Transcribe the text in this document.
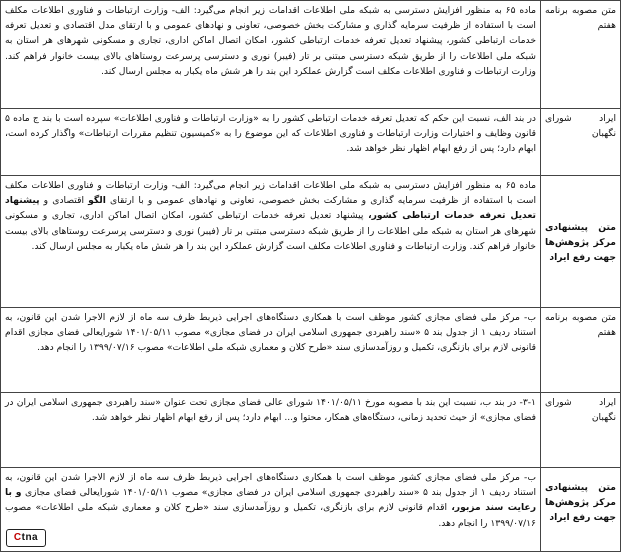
متن مصوبه برنامه هفتم	ماده ۶۵ به منظور افزایش دسترسی به شبکه ملی اطلاعات اقدامات زیر انجام می‌گیرد: الف- وزارت ارتباطات و فناوری اطلاعات مکلف است با استفاده از ظرفیت سرمایه گذاری و مشارکت بخش خصوصی، تعاونی و نهادهای عمومی و با ارتقای مدل اقتصادی و تعدیل تعرفه خدمات ارتباطی کشور، پیشنهاد تعدیل تعرفه خدمات ارتباطی کشور، امکان اتصال اماکن اداری، تجاری و مسکونی شهرهای هر استان به شبکه ملی اطلاعات را از طریق شبکه دسترسی مبتنی بر تار (فیبر) نوری و دسترسی پرسرعت روستاهای بالای بیست خانوار فراهم کند. وزارت ارتباطات و فناوری اطلاعات مکلف است گزارش عملکرد این بند را هر شش ماه یکبار به مجلس ارسال کند.
ایراد شورای نگهبان	در بند الف، نسبت این حکم که تعدیل تعرفه خدمات ارتباطی کشور را به «وزارت ارتباطات و فناوری اطلاعات» سپرده است با بند ج ماده ۵ قانون وظایف و اختیارات وزارت ارتباطات و فناوری اطلاعات که این موضوع را به «کمیسیون تنظیم مقررات ارتباطات» واگذار کرده است، ابهام دارد؛ پس از رفع ابهام اظهار نظر خواهد شد.
متن پیشنهادی مرکز پژوهش‌ها جهت رفع ایراد	ماده ۶۵ به منظور افزایش دسترسی به شبکه ملی اطلاعات اقدامات زیر انجام می‌گیرد: الف- وزارت ارتباطات و فناوری اطلاعات مکلف است با استفاده از ظرفیت سرمایه گذاری و مشارکت بخش خصوصی، تعاونی و نهادهای عمومی و با ارتقای الگو اقتصادی و پیشنهاد تعدیل تعرفه خدمات ارتباطی کشور، پیشنهاد تعدیل تعرفه خدمات ارتباطی کشور، امکان اتصال اماکن اداری، تجاری و مسکونی شهرهای هر استان به شبکه ملی اطلاعات را از طریق شبکه دسترسی مبتنی بر تار (فیبر) نوری و دسترسی پرسرعت روستاهای بالای بیست خانوار فراهم کند. وزارت ارتباطات و فناوری اطلاعات مکلف است گزارش عملکرد این بند را هر شش ماه یکبار به مجلس ارسال کند.
متن مصوبه برنامه هفتم	ب- مرکز ملی فضای مجازی کشور موظف است با همکاری دستگاه‌های اجرایی ذیربط ظرف سه ماه از لازم الاجرا شدن این قانون، به استناد ردیف ۱ از جدول بند ۵ «سند راهبردی جمهوری اسلامی ایران در فضای مجازی» مصوب ۱۴۰۱/۰۵/۱۱ شورایعالی فضای مجازی اقدام قانونی لازم برای بازنگری، تکمیل و روزآمدسازی سند «طرح کلان و معماری شبکه ملی اطلاعات» مصوب ۱۳۹۹/۰۷/۱۶ را انجام دهد.
ایراد شورای نگهبان	۳-۱- در بند ب، نسبت این بند با مصوبه مورخ ۱۴۰۱/۰۵/۱۱ شورای عالی فضای مجازی تحت عنوان «سند راهبردی جمهوری اسلامی ایران در فضای مجازی» از حیث تحدید زمانی، دستگاه‌های همکار، محتوا و... ابهام دارد؛ پس از رفع ابهام اظهار نظر خواهد شد.
متن پیشنهادی مرکز پژوهش‌ها جهت رفع ایراد	ب- مرکز ملی فضای مجازی کشور موظف است با همکاری دستگاه‌های اجرایی ذیربط ظرف سه ماه از لازم الاجرا شدن این قانون، به استناد ردیف ۱ از جدول بند ۵ «سند راهبردی جمهوری اسلامی ایران در فضای مجازی» مصوب ۱۴۰۱/۰۵/۱۱ شورایعالی فضای مجازی و با رعایت سند مزبور، اقدام قانونی لازم برای بازنگری، تکمیل و روزآمدسازی سند «طرح کلان و معماری شبکه ملی اطلاعات» مصوب ۱۳۹۹/۰۷/۱۶ را انجام دهد.
Ctna
